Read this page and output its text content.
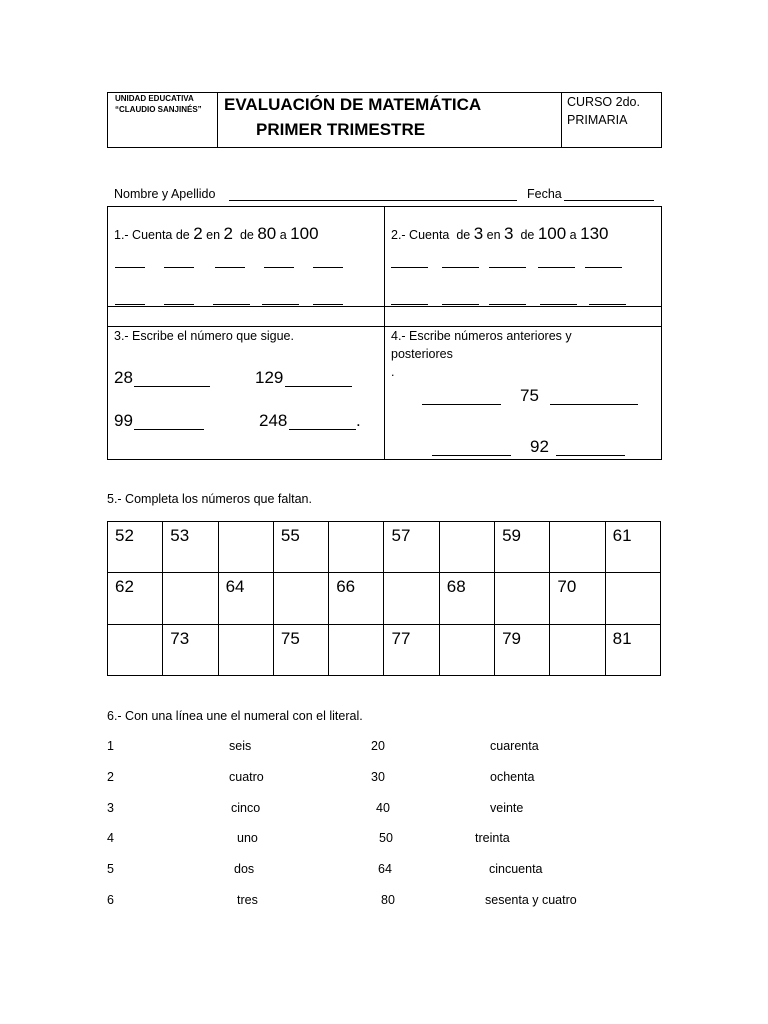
UNIDAD EDUCATIVA
“CLAUDIO SANJINÉS” EVALUACIÓN DE MATEMÁTICA
PRIMER TRIMESTRE
CURSO 2do.
PRIMARIA
Nombre y Apellido	Fecha

1.- Cuenta de 2 en 2  de 80 a 100	2.- Cuenta  de 3 en 3  de 100 a 130

3.- Escribe el número que sigue.
28	129
99	248	.
4.- Escribe números anteriores y
posteriores
.
75
92
5.- Completa los números que faltan.
52	53		55		57		59		61
62		64		66		68		70	
	73		75		77		79		81
6.- Con una línea une el numeral con el literal.
1	seis	20	cuarenta
2	cuatro	30	ochenta
3	cinco	40	veinte
4	uno	50	treinta
5	dos	64	cincuenta
6	tres	80	sesenta y cuatro
